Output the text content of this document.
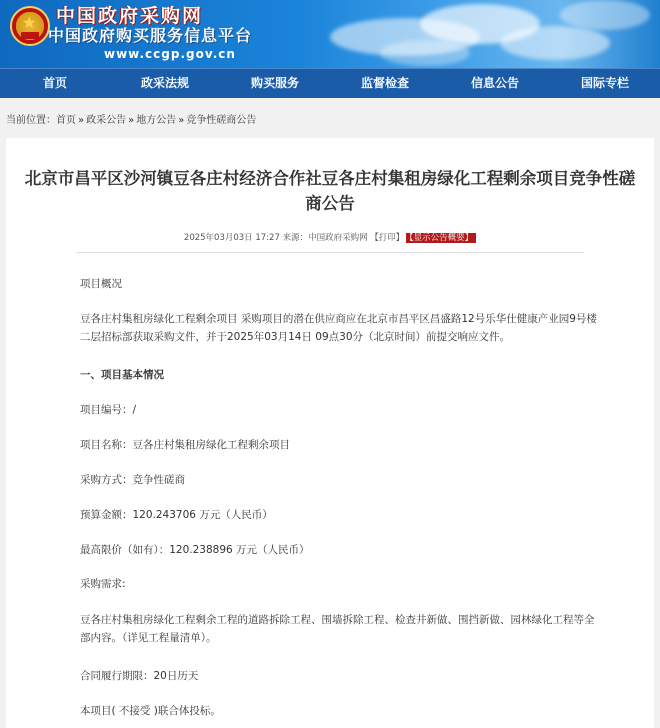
★ 中国政府采购网
中国政府购买服务信息平台
www.ccgp.gov.cn
首页	政采法规	购买服务	监督检查	信息公告	国际专栏
当前位置：首页 » 政采公告 » 地方公告 » 竞争性磋商公告
北京市昌平区沙河镇豆各庄村经济合作社豆各庄村集租房绿化工程剩余项目竞争性磋商公告
2025年03月03日 17:27 来源：中国政府采购网 【打印】 【显示公告概要】
项目概况
豆各庄村集租房绿化工程剩余项目 采购项目的潜在供应商应在北京市昌平区昌盛路12号乐华仕健康产业园9号楼二层招标部获取采购文件，并于2025年03月14日 09点30分（北京时间）前提交响应文件。
一、项目基本情况
项目编号：/
项目名称：豆各庄村集租房绿化工程剩余项目
采购方式：竞争性磋商
预算金额：120.243706 万元（人民币）
最高限价（如有）：120.238896 万元（人民币）
采购需求:
豆各庄村集租房绿化工程剩余工程的道路拆除工程、围墙拆除工程、检查井新做、围挡新做、园林绿化工程等全部内容。（详见工程量清单）。
合同履行期限：20日历天
本项目( 不接受 )联合体投标。
